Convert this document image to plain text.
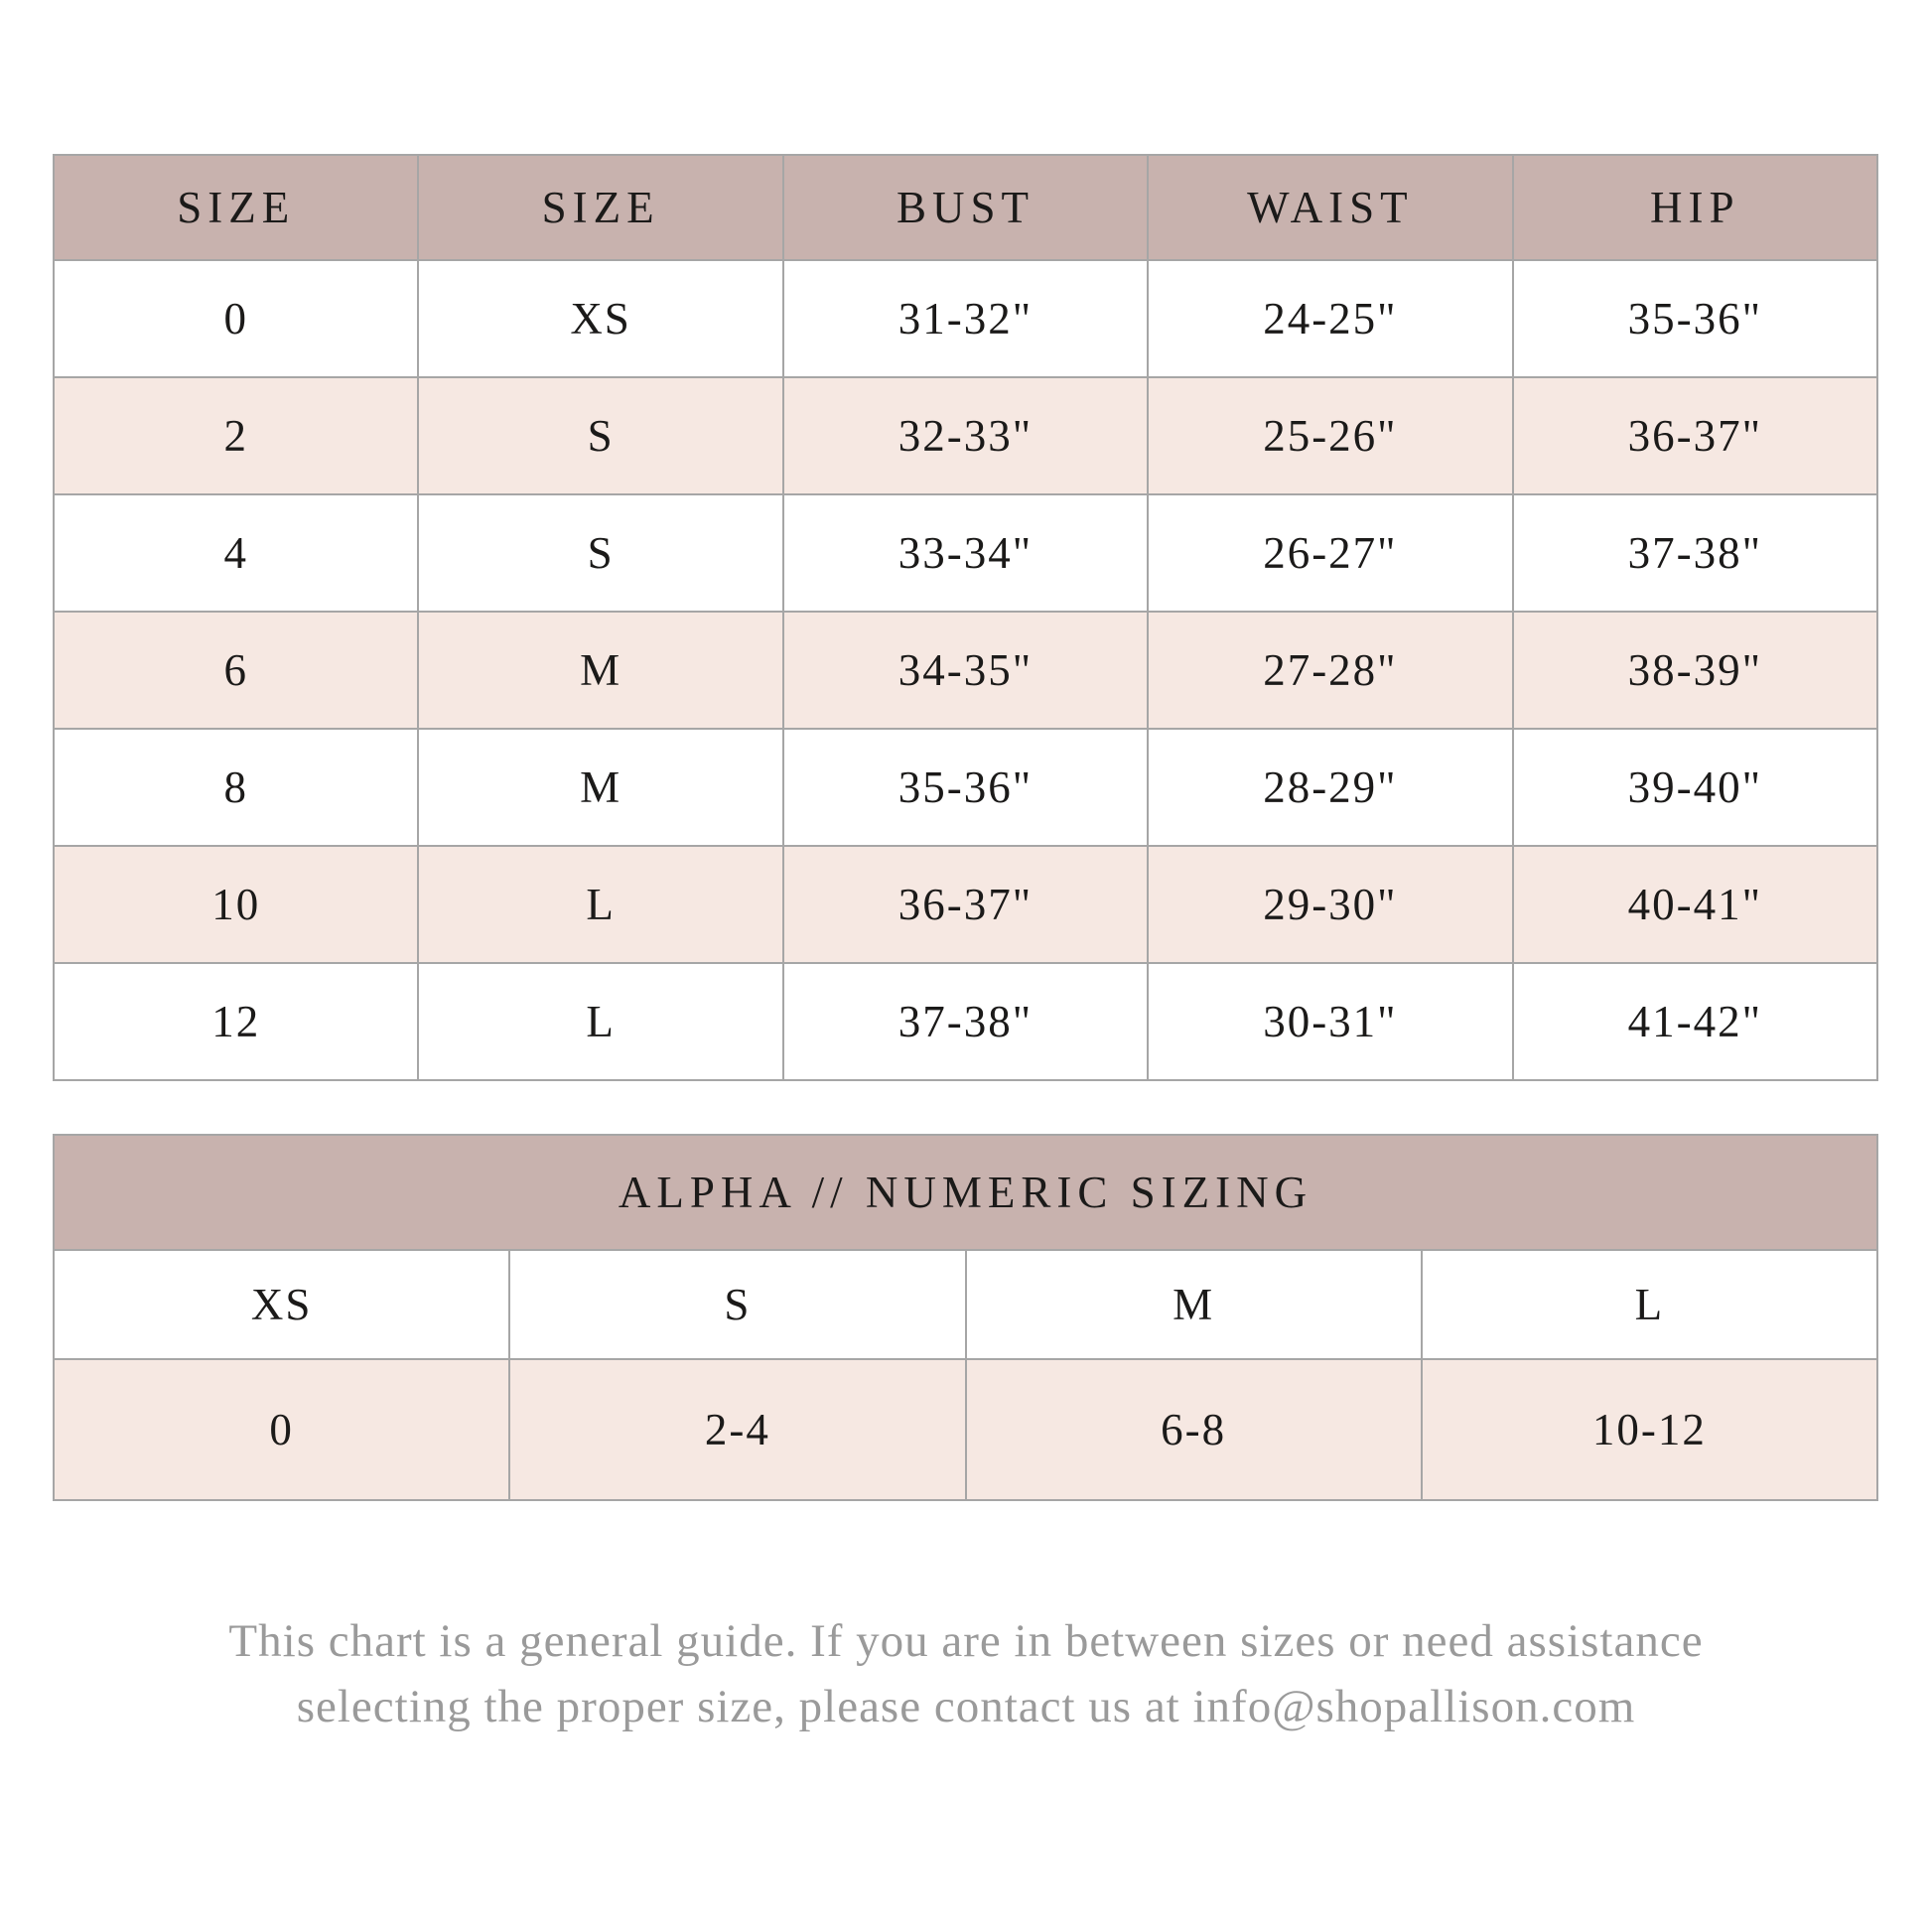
SIZE	SIZE	BUST	WAIST	HIP
0	XS	31-32"	24-25"	35-36"
2	S	32-33"	25-26"	36-37"
4	S	33-34"	26-27"	37-38"
6	M	34-35"	27-28"	38-39"
8	M	35-36"	28-29"	39-40"
10	L	36-37"	29-30"	40-41"
12	L	37-38"	30-31"	41-42"
ALPHA // NUMERIC SIZING			
XS	S	M	L
0	2-4	6-8	10-12
This chart is a general guide. If you are in between sizes or need assistance
selecting the proper size, please contact us at info@shopallison.com
